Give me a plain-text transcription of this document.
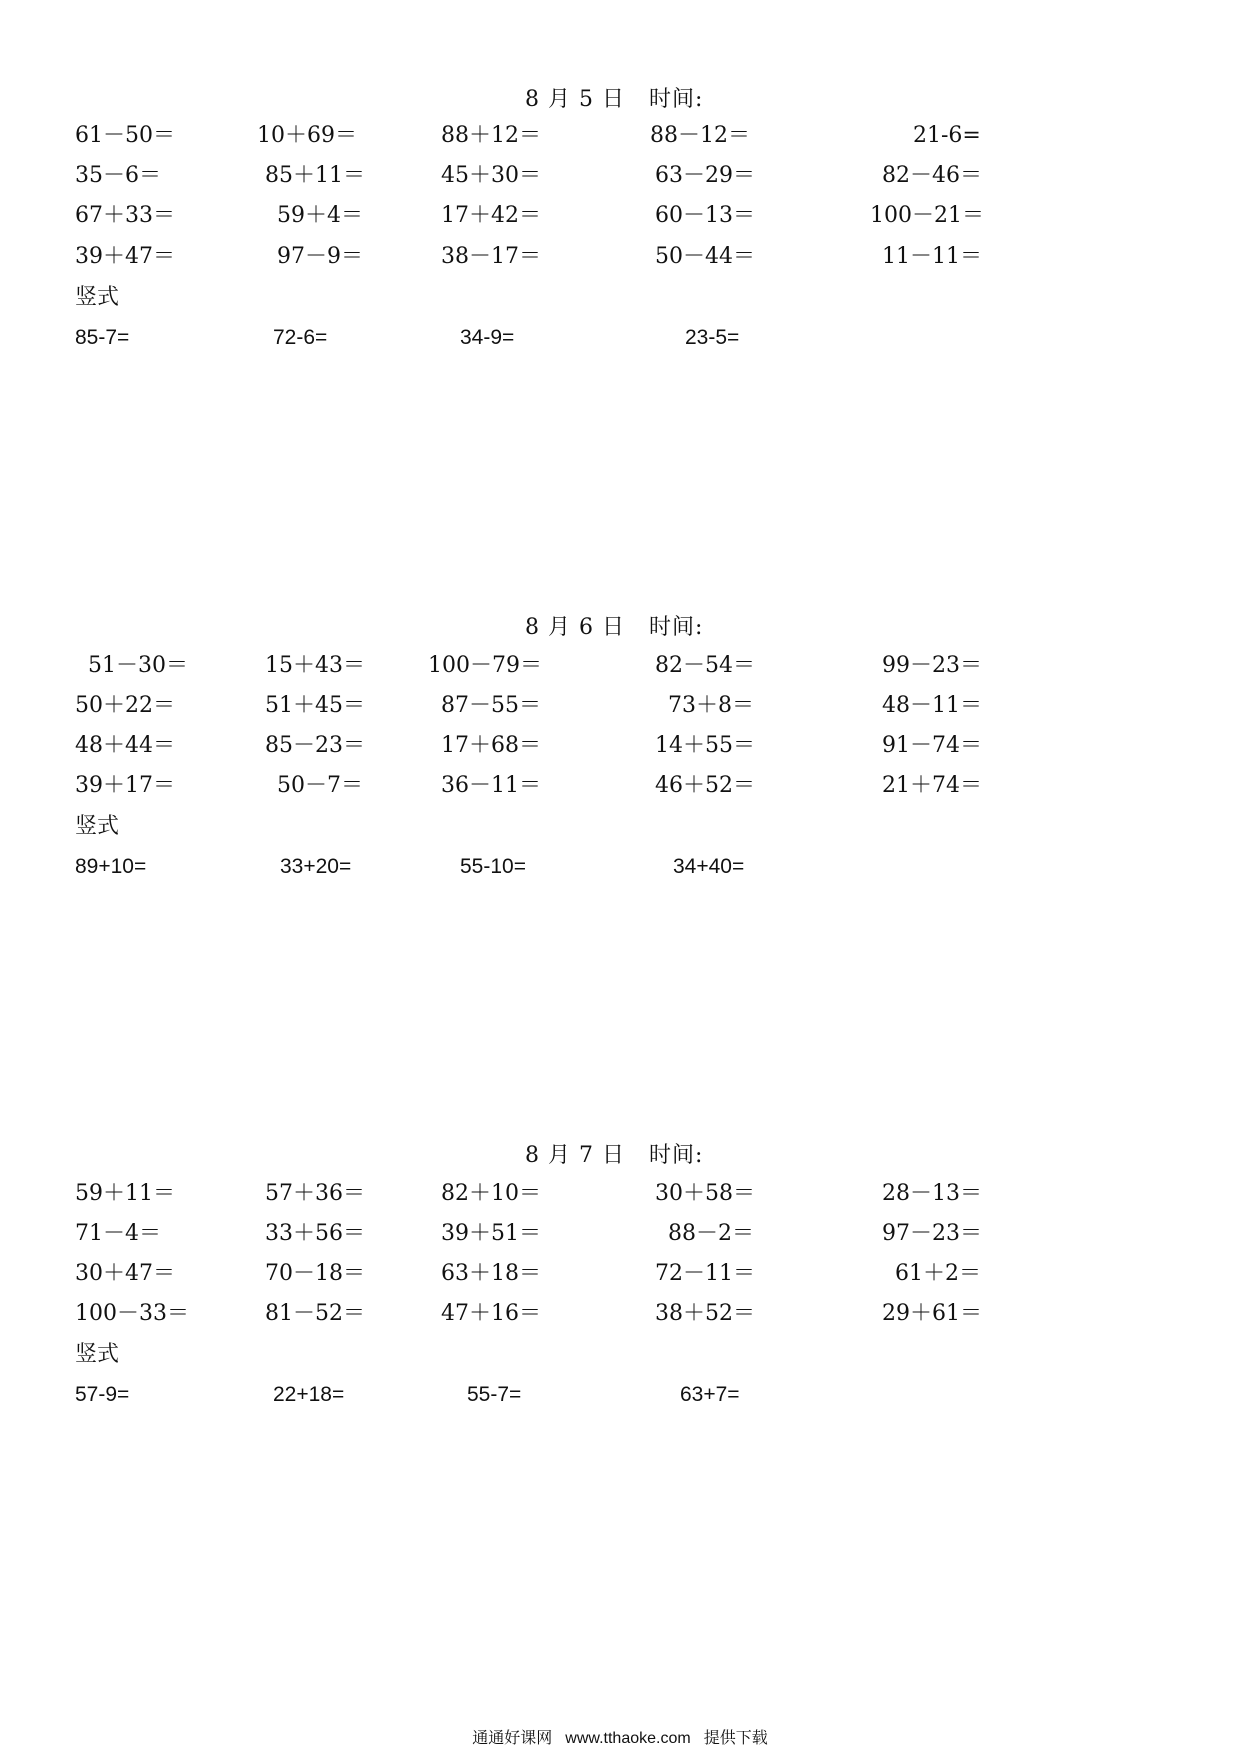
8 月 5 日 时间:
61－50＝	10＋69＝	88＋12＝	88－12＝	21-6=
35－6＝	85＋11＝	45＋30＝	63－29＝	82－46＝
67＋33＝	59＋4＝	17＋42＝	60－13＝	100－21＝
39＋47＝	97－9＝	38－17＝	50－44＝	11－11＝
竖式
85-7=	72-6=	34-9=	23-5=
8 月 6 日 时间:
51－30＝	15＋43＝	100－79＝	82－54＝	99－23＝
50＋22＝	51＋45＝	87－55＝	73＋8＝	48－11＝
48＋44＝	85－23＝	17＋68＝	14＋55＝	91－74＝
39＋17＝	50－7＝	36－11＝	46＋52＝	21＋74＝
竖式
89+10=	33+20=	55-10=	34+40=
8 月 7 日 时间:
59＋11＝	57＋36＝	82＋10＝	30＋58＝	28－13＝
71－4＝	33＋56＝	39＋51＝	88－2＝	97－23＝
30＋47＝	70－18＝	63＋18＝	72－11＝	61＋2＝
100－33＝	81－52＝	47＋16＝	38＋52＝	29＋61＝
竖式
57-9=	22+18=	55-7=	63+7=
通通好课网 www.tthaoke.com 提供下载
